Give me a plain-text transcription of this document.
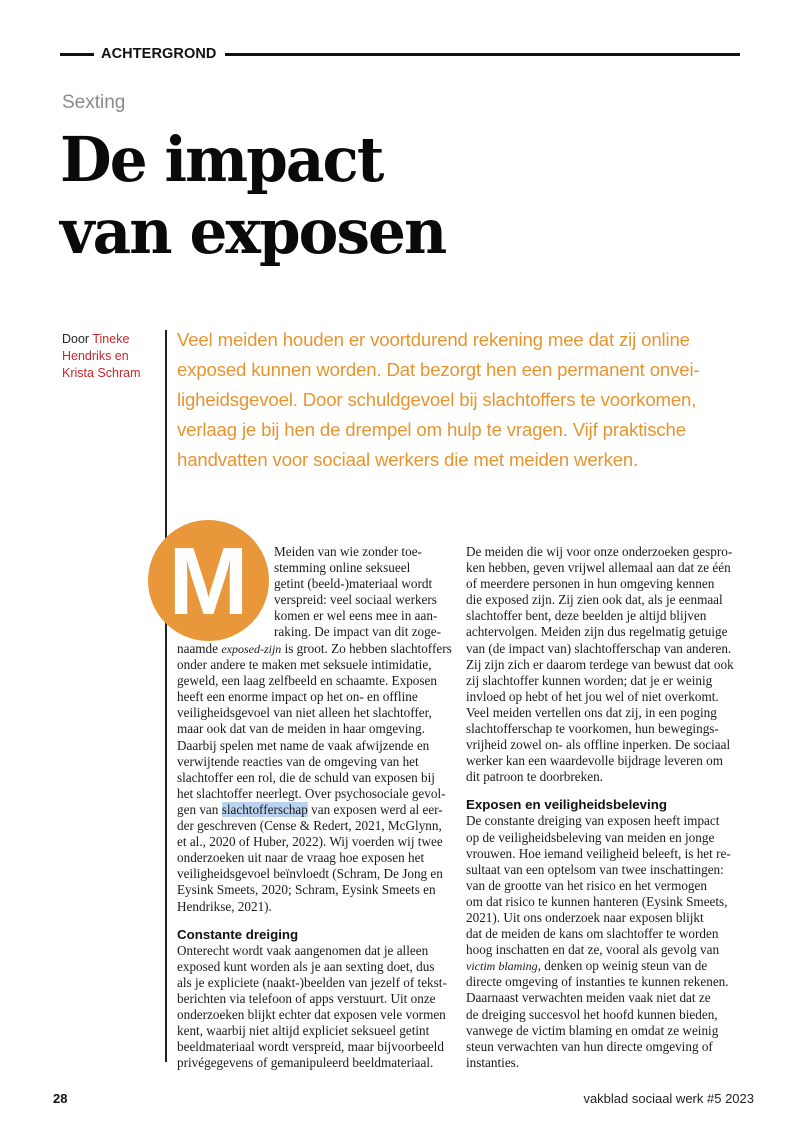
ACHTERGROND
Sexting
De impact
van exposen
Door Tineke
Hendriks en
Krista Schram

Veel meiden houden er voortdurend rekening mee dat zij online

exposed kunnen worden. Dat bezorgt hen een permanent onvei-

ligheidsgevoel. Door schuldgevoel bij slachtoffers te voorkomen,

verlaag je bij hen de drempel om hulp te vragen. Vijf praktische

handvatten voor sociaal werkers die met meiden werken.

M Meiden van wie zonder toe-

stemming online seksueel

getint (beeld-)materiaal wordt

verspreid: veel sociaal werkers

komen er wel eens mee in aan-

raking. De impact van dit zoge-

naamde exposed-zijn is groot. Zo hebben slachtoffers

onder andere te maken met seksuele intimidatie,

geweld, een laag zelfbeeld en schaamte. Exposen

heeft een enorme impact op het on- en offline

veiligheidsgevoel van niet alleen het slachtoffer,

maar ook dat van de meiden in haar omgeving.

Daarbij spelen met name de vaak afwijzende en

verwijtende reacties van de omgeving van het

slachtoffer een rol, die de schuld van exposen bij

het slachtoffer neerlegt. Over psychosociale gevol-

gen van slachtofferschap van exposen werd al eer-

der geschreven (Cense & Redert, 2021, McGlynn,

et al., 2020 of Huber, 2022). Wij voerden wij twee

onderzoeken uit naar de vraag hoe exposen het

veiligheidsgevoel beïnvloedt (Schram, De Jong en

Eysink Smeets, 2020; Schram, Eysink Smeets en

Hendrikse, 2021).

Constante dreiging

Onterecht wordt vaak aangenomen dat je alleen

exposed kunt worden als je aan sexting doet, dus

als je expliciete (naakt-)beelden van jezelf of tekst-

berichten via telefoon of apps verstuurt. Uit onze

onderzoeken blijkt echter dat exposen vele vormen

kent, waarbij niet altijd expliciet seksueel getint

beeldmateriaal wordt verspreid, maar bijvoorbeeld

privégegevens of gemanipuleerd beeldmateriaal.

De meiden die wij voor onze onderzoeken gespro-

ken hebben, geven vrijwel allemaal aan dat ze één

of meerdere personen in hun omgeving kennen

die exposed zijn. Zij zien ook dat, als je eenmaal

slachtoffer bent, deze beelden je altijd blijven

achtervolgen. Meiden zijn dus regelmatig getuige

van (de impact van) slachtofferschap van anderen.

Zij zijn zich er daarom terdege van bewust dat ook

zij slachtoffer kunnen worden; dat je er weinig

invloed op hebt of het jou wel of niet overkomt.

Veel meiden vertellen ons dat zij, in een poging

slachtofferschap te voorkomen, hun bewegings-

vrijheid zowel on- als offline inperken. De sociaal

werker kan een waardevolle bijdrage leveren om

dit patroon te doorbreken.

Exposen en veiligheidsbeleving

De constante dreiging van exposen heeft impact

op de veiligheidsbeleving van meiden en jonge

vrouwen. Hoe iemand veiligheid beleeft, is het re-

sultaat van een optelsom van twee inschattingen:

van de grootte van het risico en het vermogen

om dat risico te kunnen hanteren (Eysink Smeets,

2021). Uit ons onderzoek naar exposen blijkt

dat de meiden de kans om slachtoffer te worden

hoog inschatten en dat ze, vooral als gevolg van

victim blaming, denken op weinig steun van de

directe omgeving of instanties te kunnen rekenen.

Daarnaast verwachten meiden vaak niet dat ze

de dreiging succesvol het hoofd kunnen bieden,

vanwege de victim blaming en omdat ze weinig

steun verwachten van hun directe omgeving of

instanties.

28	vakblad sociaal werk #5 2023
